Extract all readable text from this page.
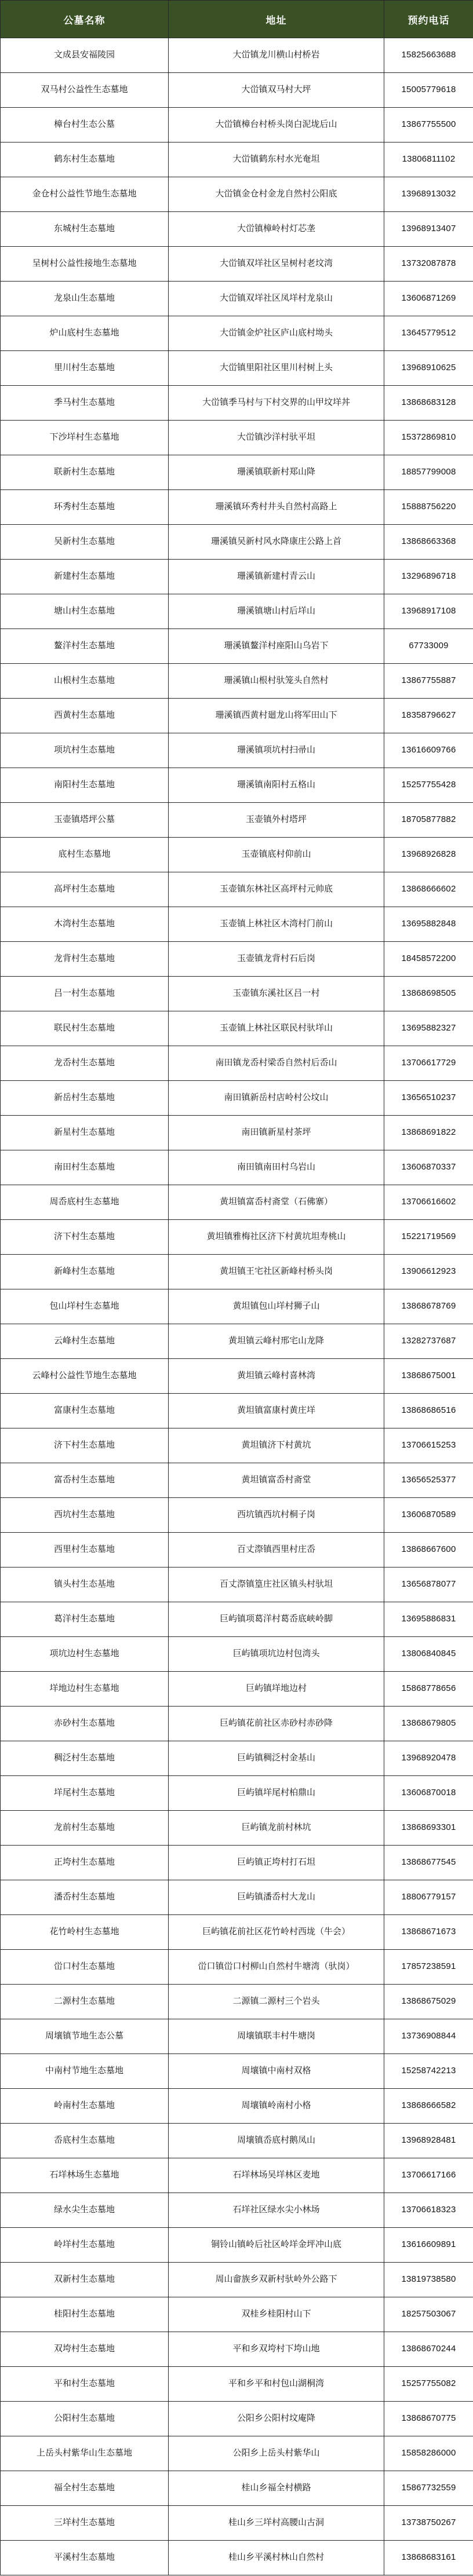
公墓名称	地址	预约电话
文成县安福陵园	大峃镇龙川横山村桥岩	15825663688
双马村公益性生态墓地	大峃镇双马村大坪	15005779618
樟台村生态公墓	大峃镇樟台村桥头岗白泥垅后山	13867755500
鹤东村生态墓地	大峃镇鹤东村水光奄坦	13806811102
金仓村公益性节地生态墓地	大峃镇金仓村金龙自然村公阳底	13968913032
东城村生态墓地	大峃镇樟岭村灯芯垄	13968913407
呈树村公益性接地生态墓地	大峃镇双垟社区呈树村老坟湾	13732087878
龙泉山生态墓地	大峃镇双垟社区凤垟村龙泉山	13606871269
炉山底村生态墓地	大峃镇金炉社区庐山底村坳头	13645779512
里川村生态墓地	大峃镇里阳社区里川村树上头	13968910625
季马村生态墓地	大峃镇季马村与下村交界的山甲坟垟丼	13868683128
下沙垟村生态墓地	大峃镇沙洋村驮平坦	15372869810
联新村生态墓地	珊溪镇联新村郑山降	18857799008
环秀村生态墓地	珊溪镇环秀村井头自然村高路上	15888756220
吴新村生态墓地	珊溪镇吴新村风水降康庄公路上首	13868663368
新建村生态墓地	珊溪镇新建村青云山	13296896718
塘山村生态墓地	珊溪镇塘山村后垟山	13968917108
鳌洋村生态墓地	珊溪镇鳌洋村座阳山乌岩下	67733009
山根村生态墓地	珊溪镇山根村驮笼头自然村	13867755887
西黄村生态墓地	珊溪镇西黄村廻龙山将军田山下	18358796627
项坑村生态墓地	珊溪镇项坑村扫帚山	13616609766
南阳村生态墓地	珊溪镇南阳村五格山	15257755428
玉壶镇塔坪公墓	玉壶镇外村塔坪	18705877882
底村生态墓地	玉壶镇底村仰前山	13968926828
高坪村生态墓地	玉壶镇东林社区高坪村元帅底	13868666602
木湾村生态墓地	玉壶镇上林社区木湾村门前山	13695882848
龙背村生态墓地	玉壶镇龙背村石后岗	18458572200
吕一村生态墓地	玉壶镇东溪社区吕一村	13868698505
联民村生态墓地	玉壶镇上林社区联民村驮垟山	13695882327
龙岙村生态墓地	南田镇龙岙村梁岙自然村后岙山	13706617729
新岳村生态墓地	南田镇新岳村店岭村公坟山	13656510237
新星村生态墓地	南田镇新星村茶坪	13868691822
南田村生态墓地	南田镇南田村乌岩山	13606870337
周岙底村生态墓地	黄坦镇富岙村斋堂（石佛寨）	13706616602
济下村生态墓地	黄坦镇雅梅社区济下村黄坑坦寿桃山	15221719569
新峰村生态墓地	黄坦镇王宅社区新峰村桥头岗	13906612923
包山垟村生态墓地	黄坦镇包山垟村狮子山	13868678769
云峰村生态墓地	黄坦镇云峰村邢宅山龙降	13282737687
云峰村公益性节地生态墓地	黄坦镇云峰村喜林湾	13868675001
富康村生态墓地	黄坦镇富康村黄庄垟	13868686516
济下村生态墓地	黄坦镇济下村黄坑	13706615253
富岙村生态墓地	黄坦镇富岙村斋堂	13656525377
西坑村生态墓地	西坑镇西坑村桐子岗	13606870589
西里村生态墓地	百丈漈镇西里村庄岙	13868667600
镇头村生态基地	百丈漈镇篁庄社区镇头村驮坦	13656878077
葛洋村生态墓地	巨屿镇项葛洋村葛岙底峡岭脚	13695886831
项坑边村生态墓地	巨屿镇项坑边村包湾头	13806840845
垟地边村生态墓地	巨屿镇垟地边村	15868778656
赤砂村生态墓地	巨屿镇花前社区赤砂村赤砂降	13868679805
稠泛村生态墓地	巨屿镇稠泛村金基山	13968920478
垟尾村生态墓地	巨屿镇垟尾村柏鼎山	13606870018
龙前村生态墓地	巨屿镇龙前村林坑	13868693301
正垮村生态墓地	巨屿镇正垮村打石坦	13868677545
潘岙村生态墓地	巨屿镇潘岙村大龙山	18806779157
花竹岭村生态墓地	巨屿镇花前社区花竹岭村西垅（牛会）	13868671673
峃口村生态墓地	峃口镇峃口村柳山自然村牛塘湾（驮岗）	17857238591
二源村生态墓地	二源镇二源村三个岩头	13868675029
周壤镇节地生态公墓	周壤镇联丰村牛塘岗	13736908844
中南村节地生态墓地	周壤镇中南村双格	15258742213
岭南村生态墓地	周壤镇岭南村小格	13868666582
岙底村生态墓地	周壤镇岙底村鹅凤山	13968928481
石垟林场生态墓地	石垟林场吴垟林区麦地	13706617166
绿水尖生态墓地	石垟社区绿水尖小林场	13706618323
岭垟村生态墓地	铜铃山镇岭后社区岭垟金坪冲山底	13616609891
双新村生态墓地	周山畲族乡双新村驮岭外公路下	13819738580
桂阳村生态墓地	双桂乡桂阳村山下	18257503067
双垮村生态墓地	平和乡双垮村下垮山地	13868670244
平和村生态墓地	平和乡平和村包山湖桐湾	15257755082
公阳村生态墓地	公阳乡公阳村坟庵降	13868670775
上岳头村紫华山生态墓地	公阳乡上岳头村紫华山	15858286000
福全村生态墓地	桂山乡福全村横路	15867732559
三垟村生态墓地	桂山乡三垟村高腰山古洞	13738750267
平溪村生态墓地	桂山乡平溪村林山自然村	13868683161
